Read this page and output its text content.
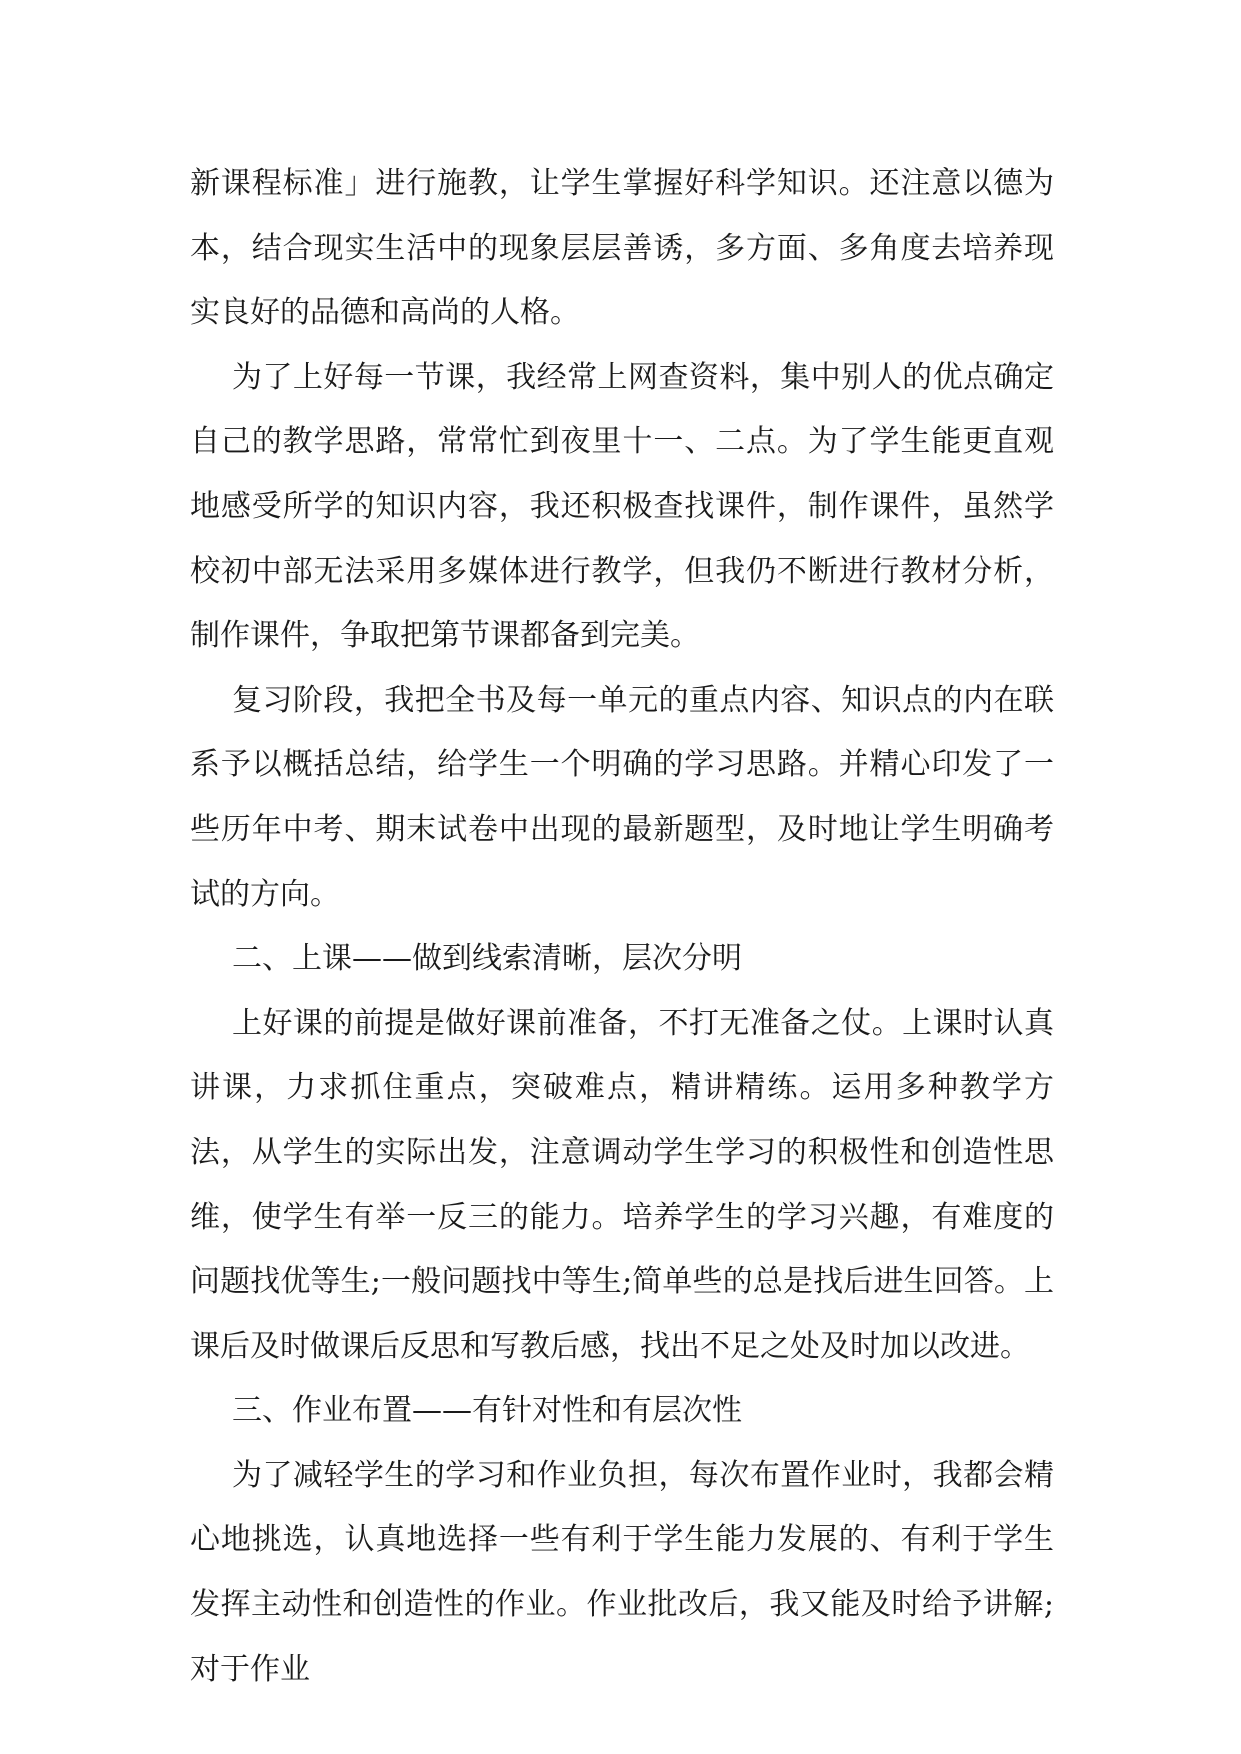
新课程标准」进行施教，让学生掌握好科学知识。还注意以德为本，结合现实生活中的现象层层善诱，多方面、多角度去培养现实良好的品德和高尚的人格。

为了上好每一节课，我经常上网查资料，集中别人的优点确定自己的教学思路，常常忙到夜里十一、二点。为了学生能更直观地感受所学的知识内容，我还积极查找课件，制作课件，虽然学校初中部无法采用多媒体进行教学，但我仍不断进行教材分析，制作课件，争取把第节课都备到完美。

复习阶段，我把全书及每一单元的重点内容、知识点的内在联系予以概括总结，给学生一个明确的学习思路。并精心印发了一些历年中考、期末试卷中出现的最新题型，及时地让学生明确考试的方向。

二、上课——做到线索清晰，层次分明

上好课的前提是做好课前准备，不打无准备之仗。上课时认真讲课，力求抓住重点，突破难点，精讲精练。运用多种教学方法，从学生的实际出发，注意调动学生学习的积极性和创造性思维，使学生有举一反三的能力。培养学生的学习兴趣，有难度的问题找优等生;一般问题找中等生;简单些的总是找后进生回答。上课后及时做课后反思和写教后感，找出不足之处及时加以改进。

三、作业布置——有针对性和有层次性

为了减轻学生的学习和作业负担，每次布置作业时，我都会精心地挑选，认真地选择一些有利于学生能力发展的、有利于学生发挥主动性和创造性的作业。作业批改后，我又能及时给予讲解;对于作业
